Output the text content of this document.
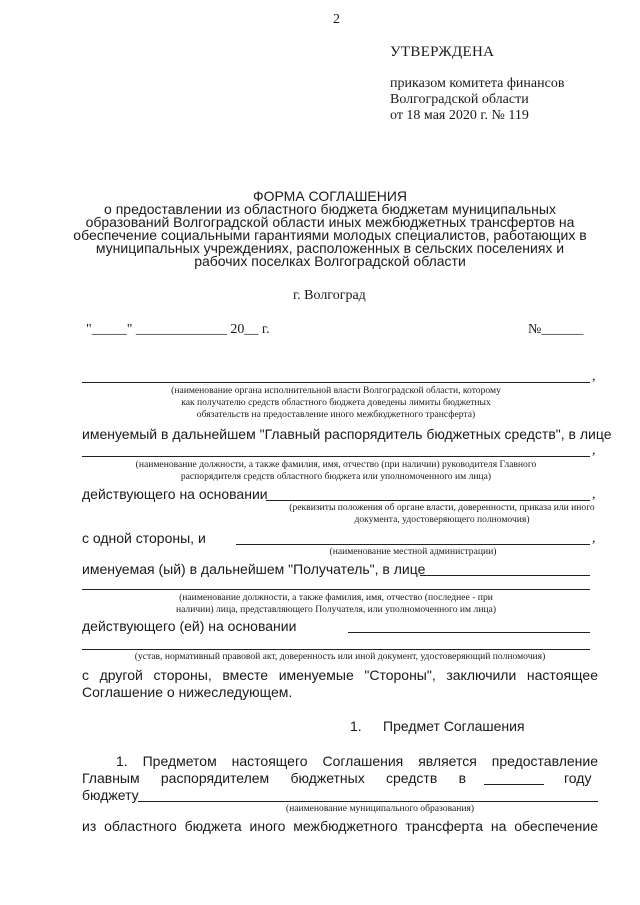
2
УТВЕРЖДЕНА
приказом комитета финансов
Волгоградской области
от 18 мая 2020 г. № 119
ФОРМА СОГЛАШЕНИЯ
о предоставлении из областного бюджета бюджетам муниципальных
образований Волгоградской области иных межбюджетных трансфертов на
обеспечение социальными гарантиями молодых специалистов, работающих в
муниципальных учреждениях, расположенных в сельских поселениях и
рабочих поселках Волгоградской области
г. Волгоград
"_____" _____________ 20__ г.	№______
,
(наименование органа исполнительной власти Волгоградской области, которому
как получателю средств областного бюджета доведены лимиты бюджетных
обязательств на предоставление иного межбюджетного трансферта)
именуемый в дальнейшем "Главный распорядитель бюджетных средств", в лице
,
(наименование должности, а также фамилия, имя, отчество (при наличии) руководителя Главного
распорядителя средств областного бюджета или уполномоченного им лица)
действующего на основании	,
(реквизиты положения об органе власти, доверенности, приказа или иного
документа, удостоверяющего полномочия)
с одной стороны, и	,
(наименование местной администрации)
именуемая (ый) в дальнейшем "Получатель", в лице
(наименование должности, а также фамилия, имя, отчество (последнее - при
наличии) лица, представляющего Получателя, или уполномоченного им лица)
действующего (ей) на основании
(устав, нормативный правовой акт, доверенность или иной документ, удостоверяющий полномочия)
с другой стороны, вместе именуемые "Стороны", заключили настоящее
Соглашение о нижеследующем.
1. Предмет Соглашения
1. Предметом настоящего Соглашения является предоставление
Главным распорядителем бюджетных средств в	году
бюджету
(наименование муниципального образования)
из областного бюджета иного межбюджетного трансферта на обеспечение
